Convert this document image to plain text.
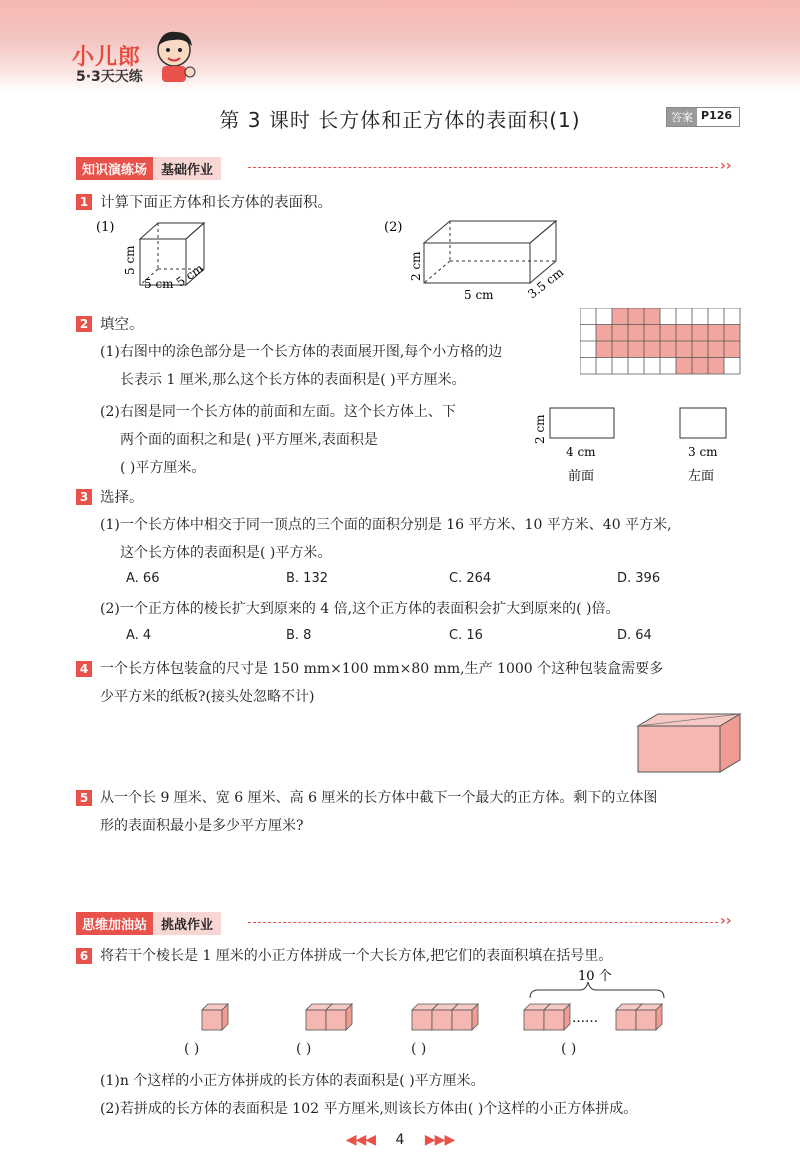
小儿郎
5·3天天练
第 3 课时 长方体和正方体的表面积(1)	答案 P126
知识演练场	基础作业	››
1 计算下面正方体和长方体的表面积。
(1)
5 cm
5 cm 5 cm
(2)
2 cm
5 cm	3.5 cm
2 填空。
(1)右图中的涂色部分是一个长方体的表面展开图,每个小方格的边
长表示 1 厘米,那么这个长方体的表面积是( )平方厘米。
(2)右图是同一个长方体的前面和左面。这个长方体上、下
两个面的面积之和是( )平方厘米,表面积是
( )平方厘米。
2 cm
4 cm	3 cm
前面	左面
3 选择。
(1)一个长方体中相交于同一顶点的三个面的面积分别是 16 平方米、10 平方米、40 平方米,
这个长方体的表面积是( )平方米。
A. 66	B. 132	C. 264	D. 396
(2)一个正方体的棱长扩大到原来的 4 倍,这个正方体的表面积会扩大到原来的( )倍。
A. 4	B. 8	C. 16	D. 64
4 一个长方体包装盒的尺寸是 150 mm×100 mm×80 mm,生产 1000 个这种包装盒需要多
少平方米的纸板?(接头处忽略不计)
5 从一个长 9 厘米、宽 6 厘米、高 6 厘米的长方体中截下一个最大的正方体。剩下的立体图
形的表面积最小是多少平方厘米?
思维加油站	挑战作业	››
6 将若干个棱长是 1 厘米的小正方体拼成一个大长方体,把它们的表面积填在括号里。
……
10 个
( )	( )	( )	( )
(1)n 个这样的小正方体拼成的长方体的表面积是( )平方厘米。
(2)若拼成的长方体的表面积是 102 平方厘米,则该长方体由( )个这样的小正方体拼成。
◀◀◀ 4 ▶▶▶
